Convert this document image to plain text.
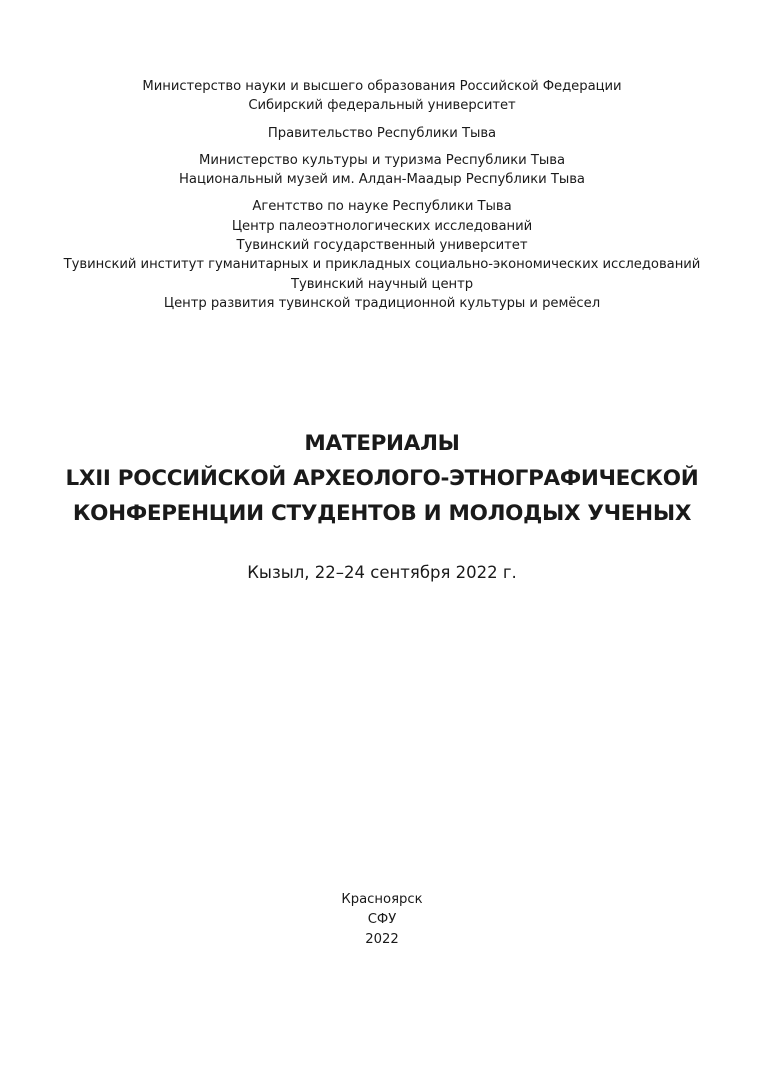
Министерство науки и высшего образования Российской Федерации
Сибирский федеральный университет
Правительство Республики Тыва
Министерство культуры и туризма Республики Тыва
Национальный музей им. Алдан-Маадыр Республики Тыва
Агентство по науке Республики Тыва
Центр палеоэтнологических исследований
Тувинский государственный университет
Тувинский институт гуманитарных и прикладных социально-экономических исследований
Тувинский научный центр
Центр развития тувинской традиционной культуры и ремёсел
МАТЕРИАЛЫ
LXII РОССИЙСКОЙ АРХЕОЛОГО-ЭТНОГРАФИЧЕСКОЙ
КОНФЕРЕНЦИИ СТУДЕНТОВ И МОЛОДЫХ УЧЕНЫХ
Кызыл, 22–24 сентября 2022 г.
Красноярск
СФУ
2022
